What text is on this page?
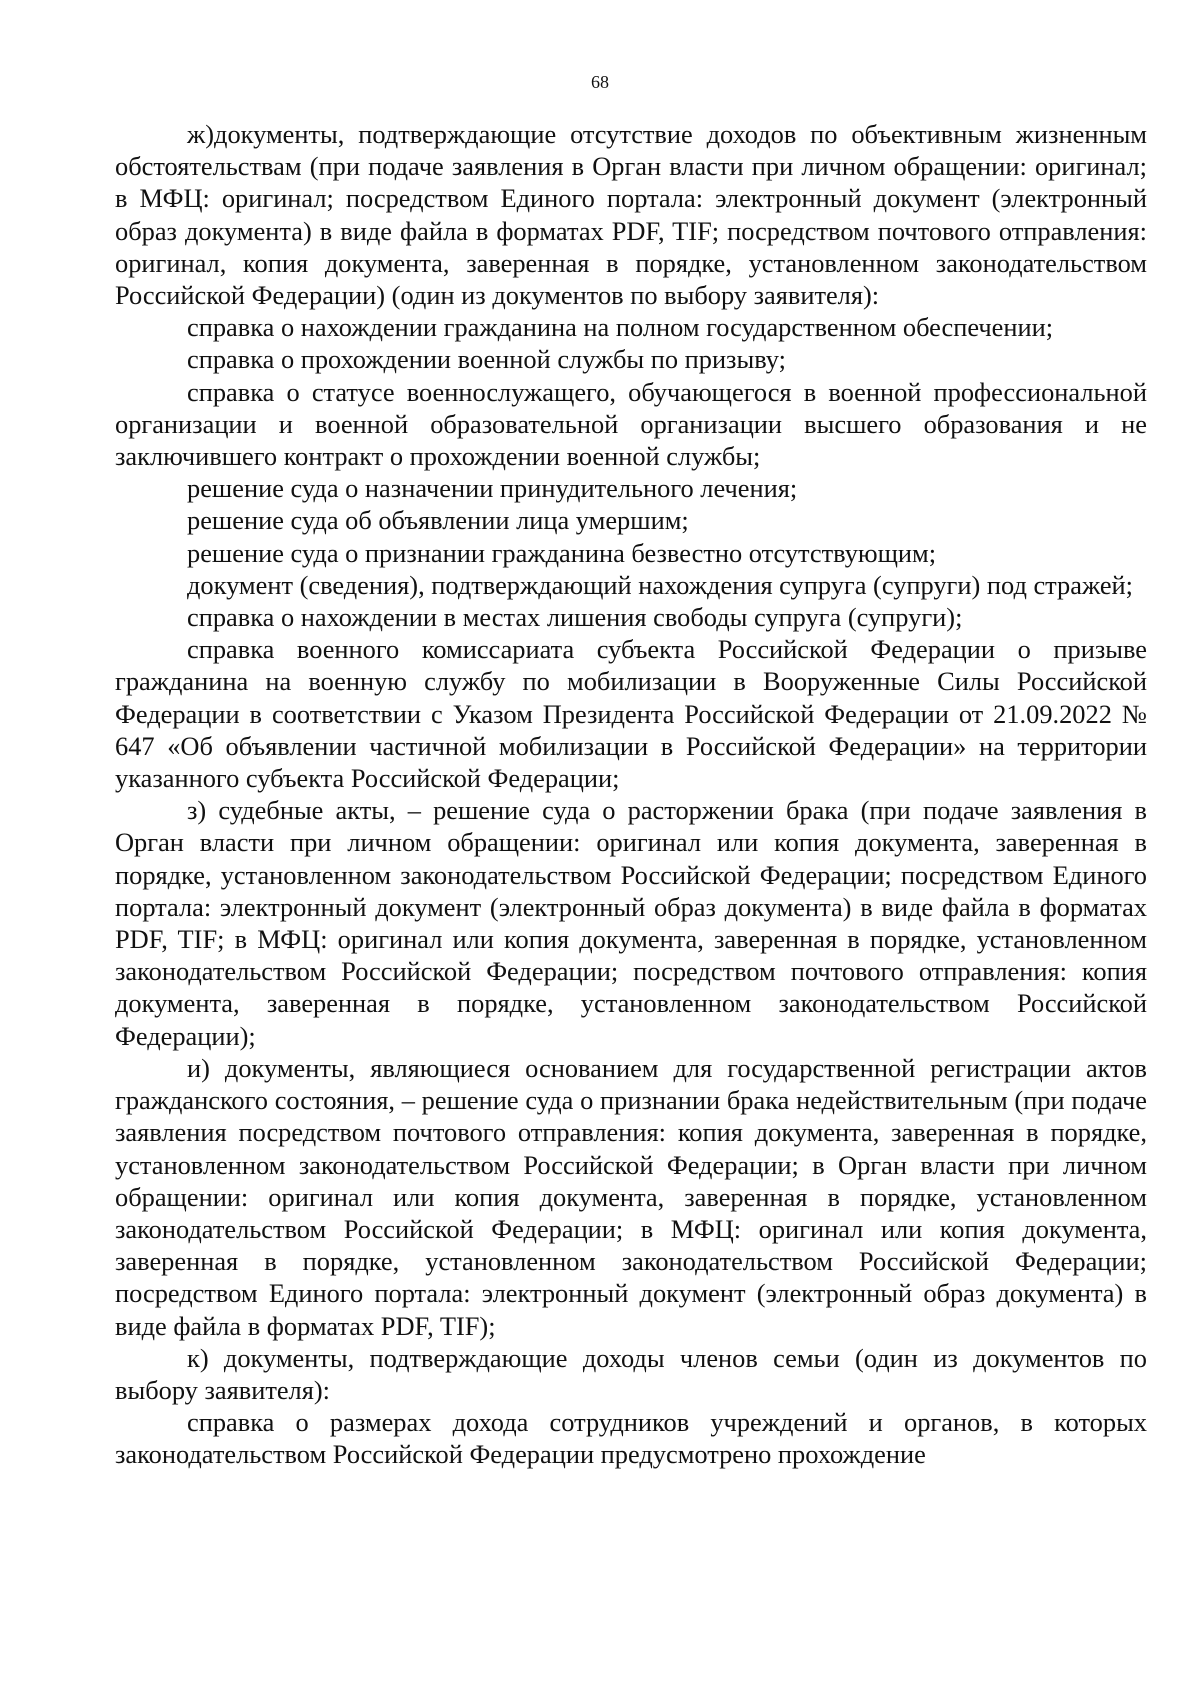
68

ж)документы, подтверждающие отсутствие доходов по объективным жизненным обстоятельствам (при подаче заявления в Орган власти при личном обращении: оригинал; в МФЦ: оригинал; посредством Единого портала: электронный документ (электронный образ документа) в виде файла в форматах PDF, TIF; посредством почтового отправления: оригинал, копия документа, заверенная в порядке, установленном законодательством Российской Федерации) (один из документов по выбору заявителя):

справка о нахождении гражданина на полном государственном обеспечении;

справка о прохождении военной службы по призыву;

справка о статусе военнослужащего, обучающегося в военной профессиональной организации и военной образовательной организации высшего образования и не заключившего контракт о прохождении военной службы;

решение суда о назначении принудительного лечения;

решение суда об объявлении лица умершим;

решение суда о признании гражданина безвестно отсутствующим;

документ (сведения), подтверждающий нахождения супруга (супруги) под стражей;

справка о нахождении в местах лишения свободы супруга (супруги);

справка военного комиссариата субъекта Российской Федерации о призыве гражданина на военную службу по мобилизации в Вооруженные Силы Российской Федерации в соответствии с Указом Президента Российской Федерации от 21.09.2022 № 647 «Об объявлении частичной мобилизации в Российской Федерации» на территории указанного субъекта Российской Федерации;

з) судебные акты, – решение суда о расторжении брака (при подаче заявления в Орган власти при личном обращении: оригинал или копия документа, заверенная в порядке, установленном законодательством Российской Федерации; посредством Единого портала: электронный документ (электронный образ документа) в виде файла в форматах PDF, TIF; в МФЦ: оригинал или копия документа, заверенная в порядке, установленном законодательством Российской Федерации; посредством почтового отправления: копия документа, заверенная в порядке, установленном законодательством Российской Федерации);

и) документы, являющиеся основанием для государственной регистрации актов гражданского состояния, – решение суда о признании брака недействительным (при подаче заявления посредством почтового отправления: копия документа, заверенная в порядке, установленном законодательством Российской Федерации; в Орган власти при личном обращении: оригинал или копия документа, заверенная в порядке, установленном законодательством Российской Федерации; в МФЦ: оригинал или копия документа, заверенная в порядке, установленном законодательством Российской Федерации; посредством Единого портала: электронный документ (электронный образ документа) в виде файла в форматах PDF, TIF);

к) документы, подтверждающие доходы членов семьи (один из документов по выбору заявителя):

справка о размерах дохода сотрудников учреждений и органов, в которых законодательством Российской Федерации предусмотрено прохождение
